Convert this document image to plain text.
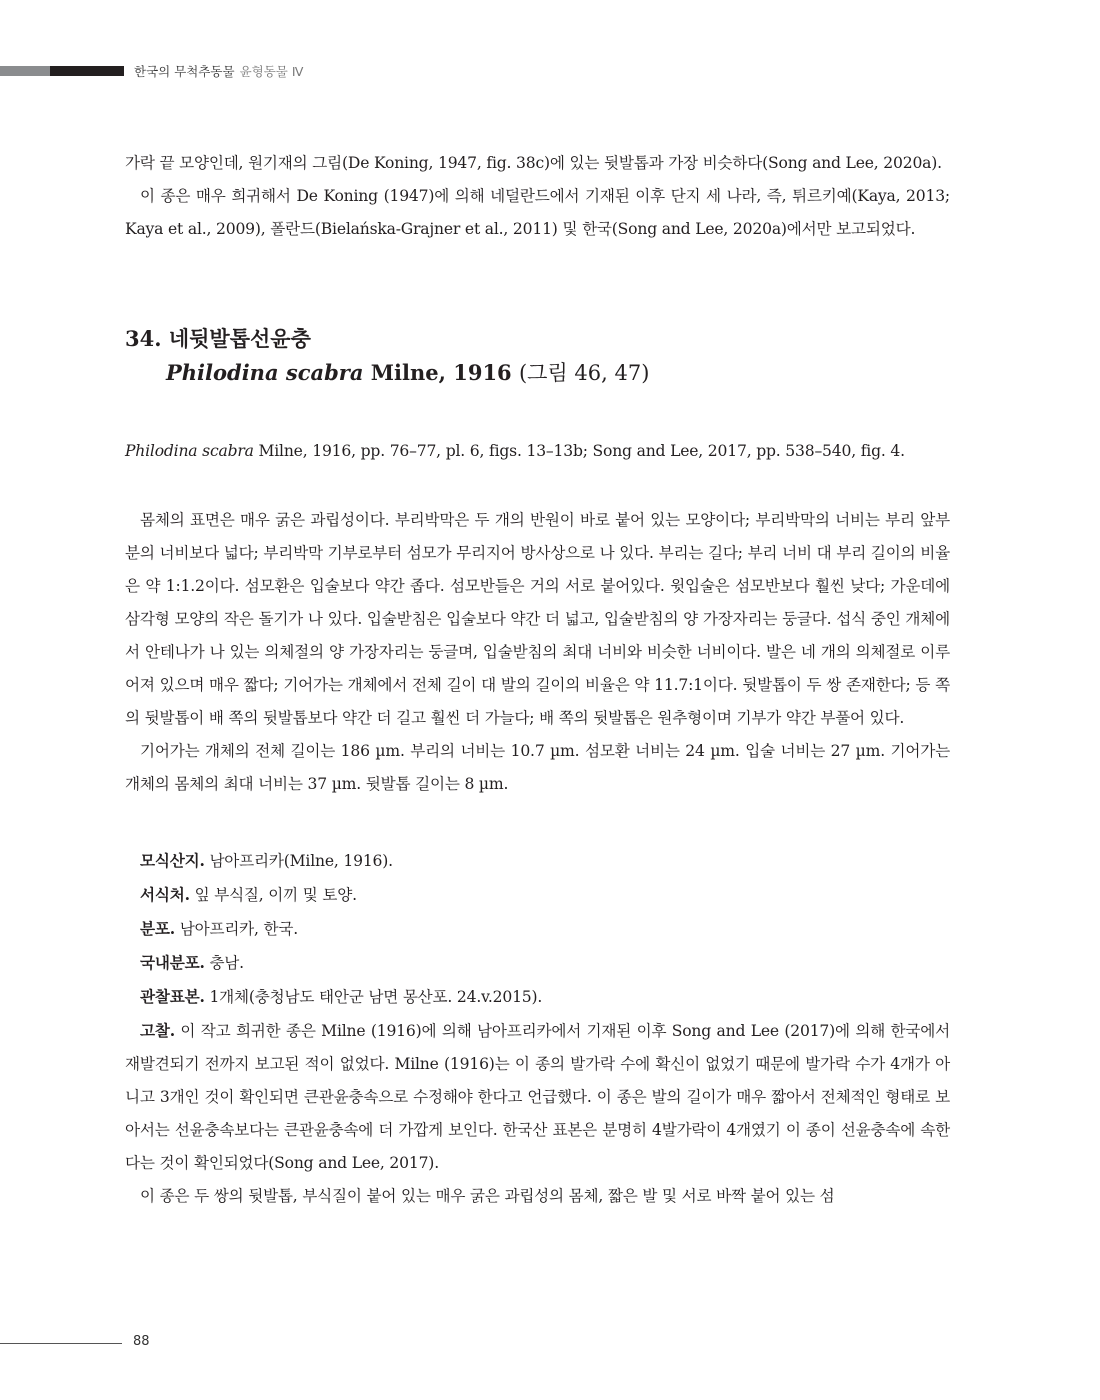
한국의 무척추동물 윤형동물 Ⅳ

가락 끝 모양인데, 원기재의 그림(De Koning, 1947, fig. 38c)에 있는 뒷발톱과 가장 비슷하다(Song and Lee, 2020a).

이 종은 매우 희귀해서 De Koning (1947)에 의해 네덜란드에서 기재된 이후 단지 세 나라, 즉, 튀르키예(Kaya, 2013; Kaya et al., 2009), 폴란드(Bielańska-Grajner et al., 2011) 및 한국(Song and Lee, 2020a)에서만 보고되었다.

34. 네뒷발톱선윤충
Philodina scabra Milne, 1916 (그림 46, 47)

Philodina scabra Milne, 1916, pp. 76–77, pl. 6, figs. 13–13b; Song and Lee, 2017, pp. 538–540, fig. 4.

몸체의 표면은 매우 굵은 과립성이다. 부리박막은 두 개의 반원이 바로 붙어 있는 모양이다; 부리박막의 너비는 부리 앞부분의 너비보다 넓다; 부리박막 기부로부터 섬모가 무리지어 방사상으로 나 있다. 부리는 길다; 부리 너비 대 부리 길이의 비율은 약 1:1.2이다. 섬모환은 입술보다 약간 좁다. 섬모반들은 거의 서로 붙어있다. 윗입술은 섬모반보다 훨씬 낮다; 가운데에 삼각형 모양의 작은 돌기가 나 있다. 입술받침은 입술보다 약간 더 넓고, 입술받침의 양 가장자리는 둥글다. 섭식 중인 개체에서 안테나가 나 있는 의체절의 양 가장자리는 둥글며, 입술받침의 최대 너비와 비슷한 너비이다. 발은 네 개의 의체절로 이루어져 있으며 매우 짧다; 기어가는 개체에서 전체 길이 대 발의 길이의 비율은 약 11.7:1이다. 뒷발톱이 두 쌍 존재한다; 등 쪽의 뒷발톱이 배 쪽의 뒷발톱보다 약간 더 길고 훨씬 더 가늘다; 배 쪽의 뒷발톱은 원추형이며 기부가 약간 부풀어 있다.

기어가는 개체의 전체 길이는 186 µm. 부리의 너비는 10.7 µm. 섬모환 너비는 24 µm. 입술 너비는 27 µm. 기어가는 개체의 몸체의 최대 너비는 37 µm. 뒷발톱 길이는 8 µm.

모식산지. 남아프리카(Milne, 1916).

서식처. 잎 부식질, 이끼 및 토양.

분포. 남아프리카, 한국.

국내분포. 충남.

관찰표본. 1개체(충청남도 태안군 남면 몽산포. 24.v.2015).

고찰. 이 작고 희귀한 종은 Milne (1916)에 의해 남아프리카에서 기재된 이후 Song and Lee (2017)에 의해 한국에서 재발견되기 전까지 보고된 적이 없었다. Milne (1916)는 이 종의 발가락 수에 확신이 없었기 때문에 발가락 수가 4개가 아니고 3개인 것이 확인되면 큰관윤충속으로 수정해야 한다고 언급했다. 이 종은 발의 길이가 매우 짧아서 전체적인 형태로 보아서는 선윤충속보다는 큰관윤충속에 더 가깝게 보인다. 한국산 표본은 분명히 4발가락이 4개였기 이 종이 선윤충속에 속한다는 것이 확인되었다(Song and Lee, 2017).

이 종은 두 쌍의 뒷발톱, 부식질이 붙어 있는 매우 굵은 과립성의 몸체, 짧은 발 및 서로 바짝 붙어 있는 섬

88
